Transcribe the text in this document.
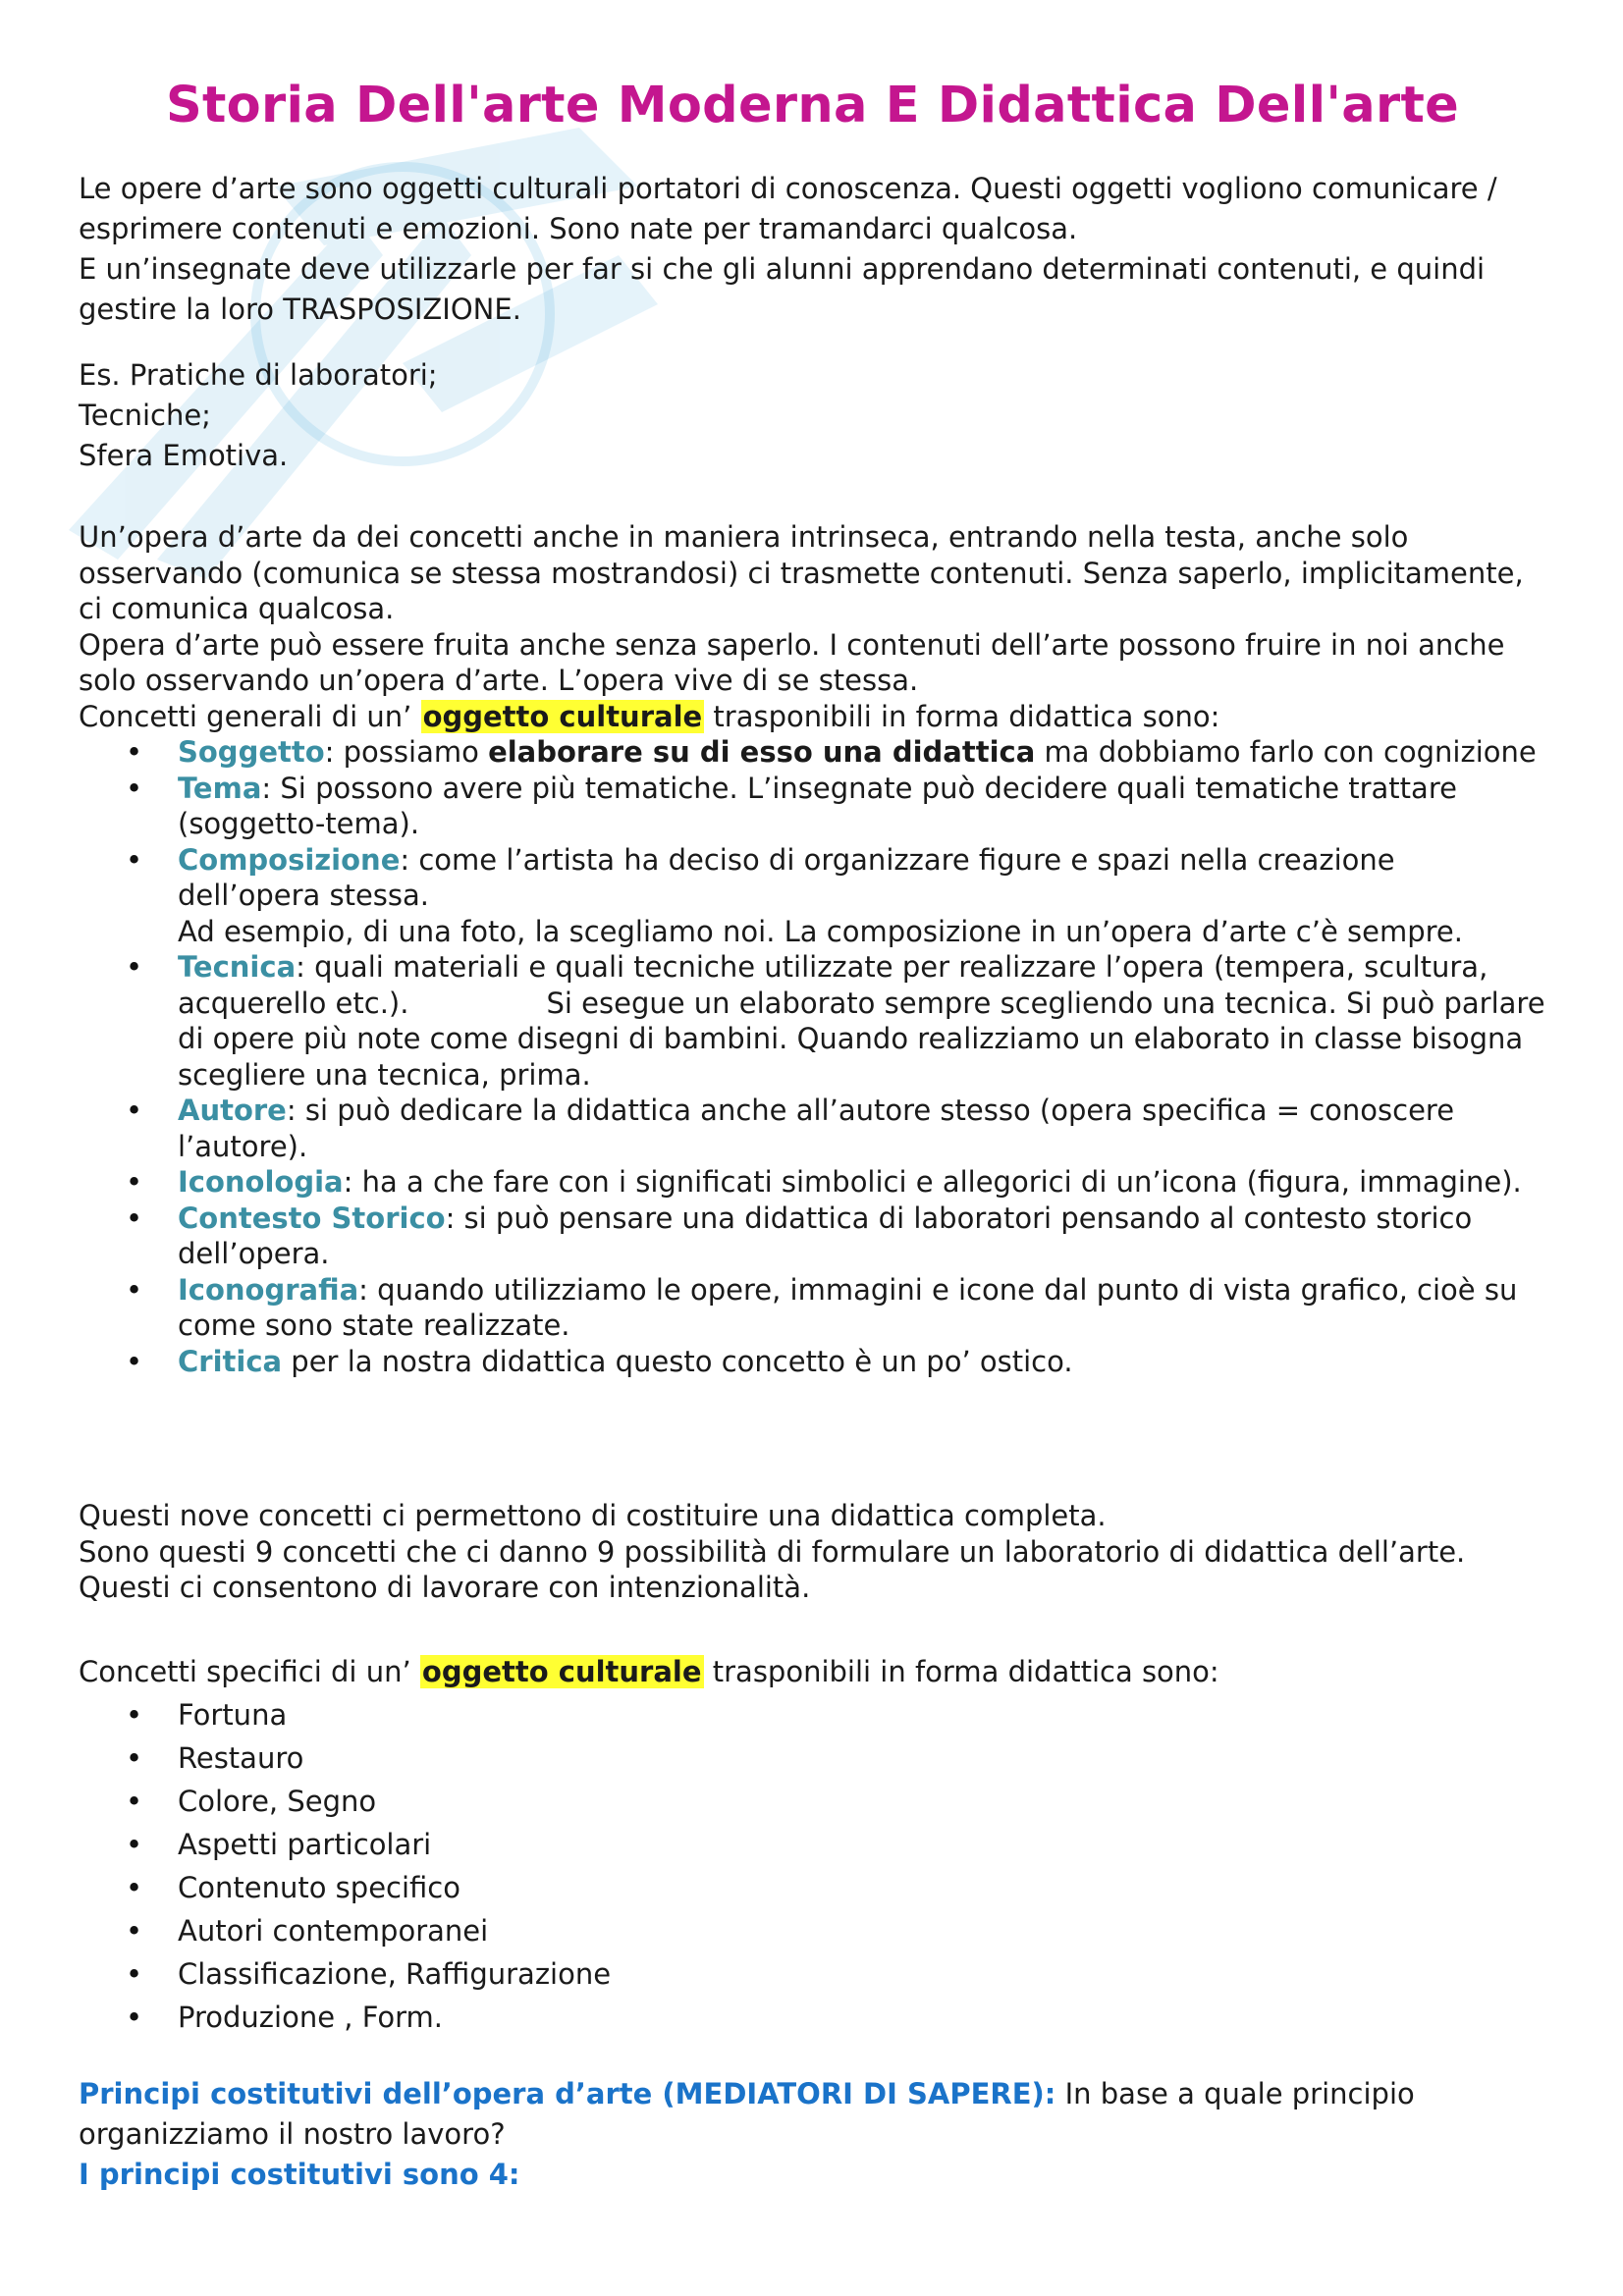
Storia Dell'arte Moderna E Didattica Dell'arte

Le opere d’arte sono oggetti culturali portatori di conoscenza. Questi oggetti vogliono comunicare / esprimere contenuti e emozioni. Sono nate per tramandarci qualcosa.

E un’insegnate deve utilizzarle per far si che gli alunni apprendano determinati contenuti, e quindi gestire la loro TRASPOSIZIONE.

Es. Pratiche di laboratori;

Tecniche;

Sfera Emotiva.

Un’opera d’arte da dei concetti anche in maniera intrinseca, entrando nella testa, anche solo osservando (comunica se stessa mostrandosi) ci trasmette contenuti. Senza saperlo, implicitamente, ci comunica qualcosa.

Opera d’arte può essere fruita anche senza saperlo. I contenuti dell’arte possono fruire in noi anche solo osservando un’opera d’arte. L’opera vive di se stessa.

Concetti generali di un’ oggetto culturale trasponibili in forma didattica sono:

• Soggetto: possiamo elaborare su di esso una didattica ma dobbiamo farlo con cognizione
• Tema: Si possono avere più tematiche. L’insegnate può decidere quali tematiche trattare (soggetto-tema).
• Composizione: come l’artista ha deciso di organizzare figure e spazi nella creazione dell’opera stessa.
Ad esempio, di una foto, la scegliamo noi. La composizione in un’opera d’arte c’è sempre.
• Tecnica: quali materiali e quali tecniche utilizzate per realizzare l’opera (tempera, scultura, acquerello etc.).	Si esegue un elaborato sempre scegliendo una tecnica. Si può parlare di opere più note come disegni di bambini. Quando realizziamo un elaborato in classe bisogna scegliere una tecnica, prima.
• Autore: si può dedicare la didattica anche all’autore stesso (opera specifica = conoscere l’autore).
• Iconologia: ha a che fare con i significati simbolici e allegorici di un’icona (figura, immagine).
• Contesto Storico: si può pensare una didattica di laboratori pensando al contesto storico dell’opera.
• Iconografia: quando utilizziamo le opere, immagini e icone dal punto di vista grafico, cioè su come sono state realizzate.
• Critica per la nostra didattica questo concetto è un po’ ostico.

Questi nove concetti ci permettono di costituire una didattica completa.

Sono questi 9 concetti che ci danno 9 possibilità di formulare un laboratorio di didattica dell’arte.

Questi ci consentono di lavorare con intenzionalità.

Concetti specifici di un’ oggetto culturale trasponibili in forma didattica sono:

• Fortuna
• Restauro
• Colore, Segno
• Aspetti particolari
• Contenuto specifico
• Autori contemporanei
• Classificazione, Raffigurazione
• Produzione , Form.

Principi costitutivi dell’opera d’arte (MEDIATORI DI SAPERE): In base a quale principio organizziamo il nostro lavoro?

I principi costitutivi sono 4:
